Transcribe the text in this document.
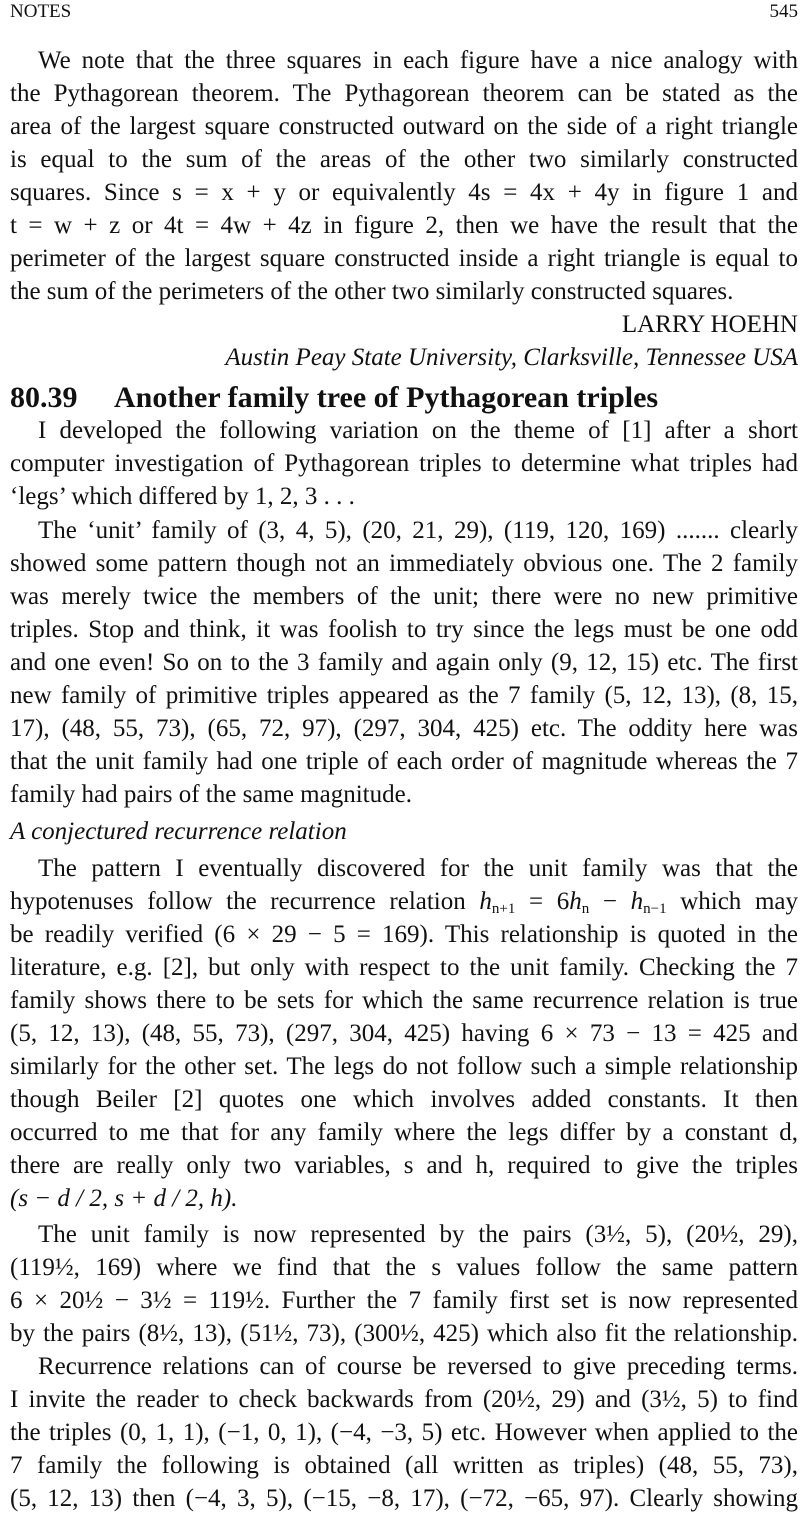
NOTES	545
We note that the three squares in each figure have a nice analogy with
the Pythagorean theorem. The Pythagorean theorem can be stated as the
area of the largest square constructed outward on the side of a right triangle
is equal to the sum of the areas of the other two similarly constructed
squares. Since s = x + y or equivalently 4s = 4x + 4y in figure 1 and
t = w + z or 4t = 4w + 4z in figure 2, then we have the result that the
perimeter of the largest square constructed inside a right triangle is equal to
the sum of the perimeters of the other two similarly constructed squares.
LARRY HOEHN
Austin Peay State University, Clarksville, Tennessee USA
80.39 Another family tree of Pythagorean triples
I developed the following variation on the theme of [1] after a short
computer investigation of Pythagorean triples to determine what triples had
‘legs’ which differed by 1, 2, 3 . . .
The ‘unit’ family of (3, 4, 5), (20, 21, 29), (119, 120, 169) ....... clearly
showed some pattern though not an immediately obvious one. The 2 family
was merely twice the members of the unit; there were no new primitive
triples. Stop and think, it was foolish to try since the legs must be one odd
and one even! So on to the 3 family and again only (9, 12, 15) etc. The first
new family of primitive triples appeared as the 7 family (5, 12, 13), (8, 15,
17), (48, 55, 73), (65, 72, 97), (297, 304, 425) etc. The oddity here was
that the unit family had one triple of each order of magnitude whereas the 7
family had pairs of the same magnitude.
A conjectured recurrence relation
The pattern I eventually discovered for the unit family was that the
hypotenuses follow the recurrence relation $h_{n+1} = 6h_n - h_{n-1}$ which may
be readily verified (6 × 29 − 5 = 169). This relationship is quoted in the
literature, e.g. [2], but only with respect to the unit family. Checking the 7
family shows there to be sets for which the same recurrence relation is true
(5, 12, 13), (48, 55, 73), (297, 304, 425) having 6 × 73 − 13 = 425 and
similarly for the other set. The legs do not follow such a simple relationship
though Beiler [2] quotes one which involves added constants. It then
occurred to me that for any family where the legs differ by a constant d,
there are really only two variables, s and h, required to give the triples
(s − d / 2, s + d / 2, h).
The unit family is now represented by the pairs (3½, 5), (20½, 29),
(119½, 169) where we find that the s values follow the same pattern
6 × 20½ − 3½ = 119½. Further the 7 family first set is now represented
by the pairs (8½, 13), (51½, 73), (300½, 425) which also fit the relationship.
Recurrence relations can of course be reversed to give preceding terms.
I invite the reader to check backwards from (20½, 29) and (3½, 5) to find
the triples (0, 1, 1), (−1, 0, 1), (−4, −3, 5) etc. However when applied to the
7 family the following is obtained (all written as triples) (48, 55, 73),
(5, 12, 13) then (−4, 3, 5), (−15, −8, 17), (−72, −65, 97). Clearly showing
